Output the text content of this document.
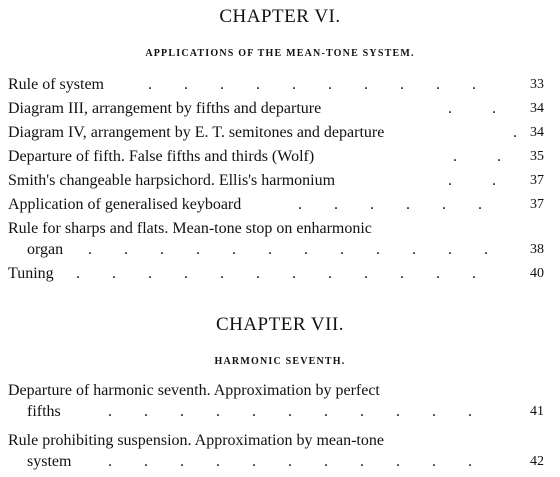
CHAPTER VI.
APPLICATIONS OF THE MEAN-TONE SYSTEM.
Rule of system	.        .        .        .        .        .        .        .        .        .	33
Diagram III, arrangement by fifths and departure	.          . 34
Diagram IV, arrangement by E. T. semitones and departure	. 34
Departure of fifth. False fifths and thirds (Wolf)	.          . 35
Smith's changeable harpsichord. Ellis's harmonium	.          . 37
Application of generalised keyboard	.        .        .        .        .        .	37
Rule for sharps and flats. Mean-tone stop on enharmonic
organ .        .        .        .        .        .        .        .        .        .        .        .	38
Tuning .        .        .        .        .        .        .        .        .        .        .        .	40
CHAPTER VII.
HARMONIC SEVENTH.
Departure of harmonic seventh. Approximation by perfect
fifths	.        .        .        .        .        .        .        .        .        .        .	41
Rule prohibiting suspension. Approximation by mean-tone
system .        .        .        .        .        .        .        .        .        .        .	42
